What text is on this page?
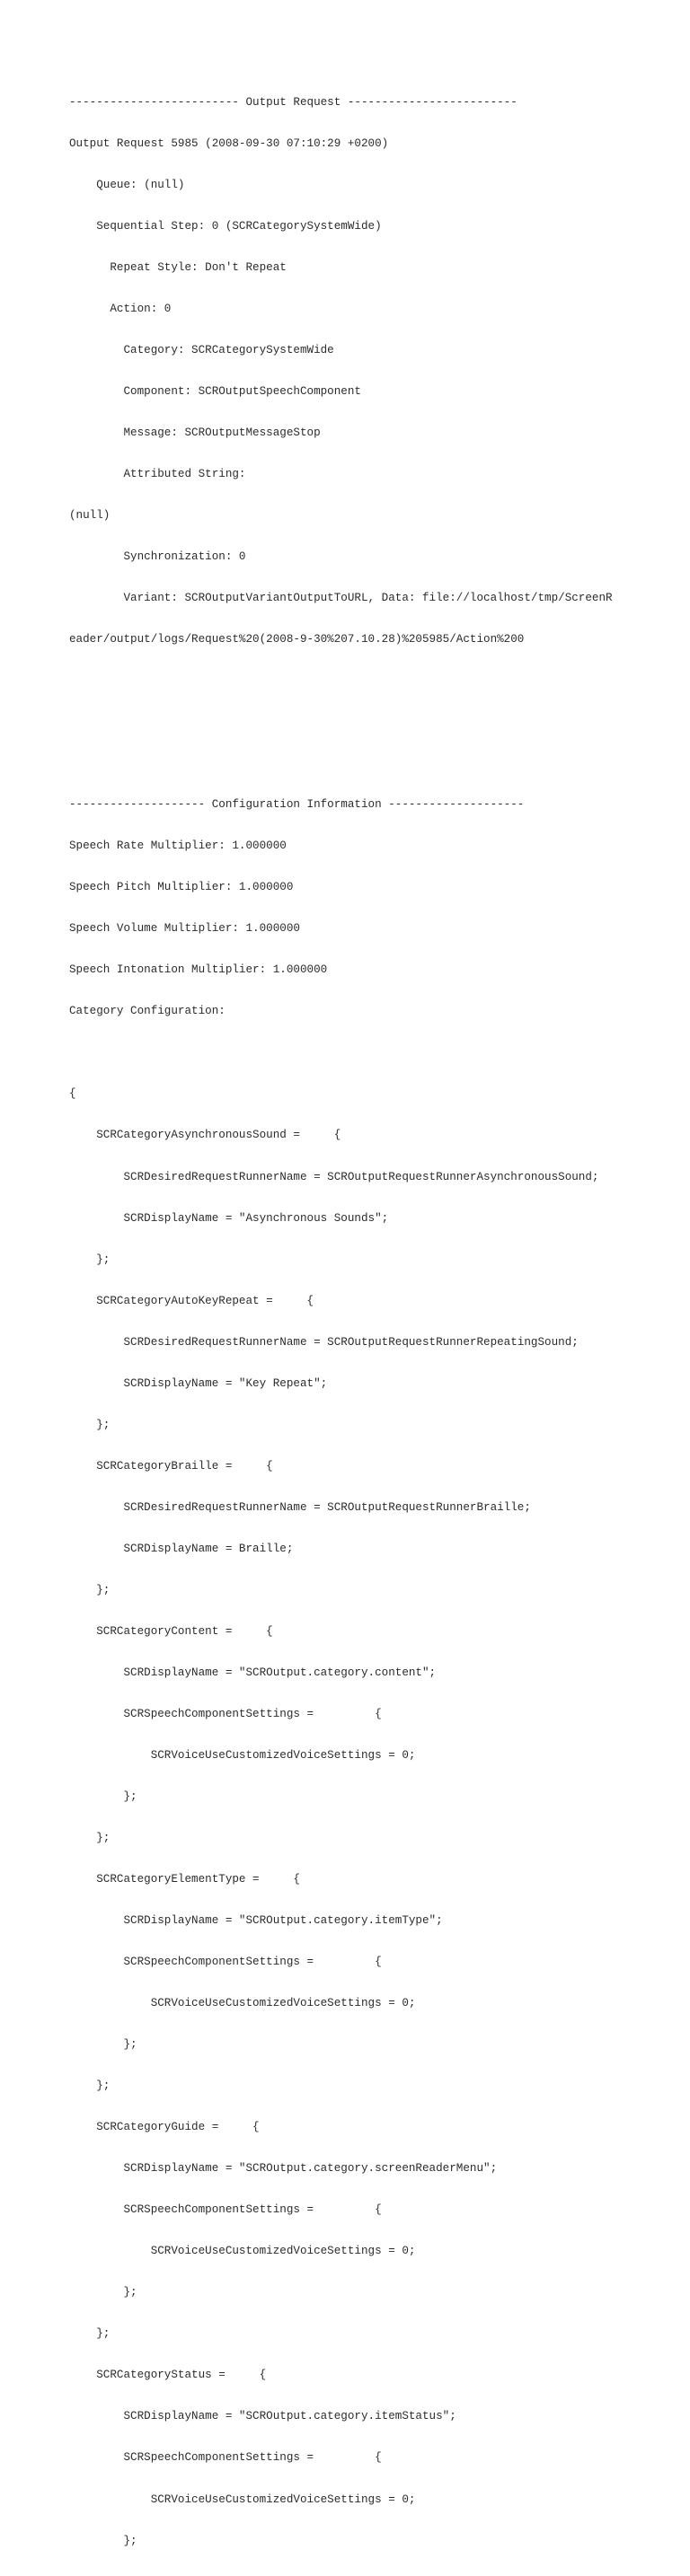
------------------------- Output Request -------------------------

Output Request 5985 (2008-09-30 07:10:29 +0200)

Queue: (null)

Sequential Step: 0 (SCRCategorySystemWide)

Repeat Style: Don't Repeat

Action: 0

Category: SCRCategorySystemWide

Component: SCROutputSpeechComponent

Message: SCROutputMessageStop

Attributed String:

(null)

Synchronization: 0

Variant: SCROutputVariantOutputToURL, Data: file://localhost/tmp/ScreenR

eader/output/logs/Request%20(2008-9-30%207.10.28)%205985/Action%200

-------------------- Configuration Information --------------------

Speech Rate Multiplier: 1.000000

Speech Pitch Multiplier: 1.000000

Speech Volume Multiplier: 1.000000

Speech Intonation Multiplier: 1.000000

Category Configuration:

{

SCRCategoryAsynchronousSound =     {

SCRDesiredRequestRunnerName = SCROutputRequestRunnerAsynchronousSound;

SCRDisplayName = "Asynchronous Sounds";

};

SCRCategoryAutoKeyRepeat =     {

SCRDesiredRequestRunnerName = SCROutputRequestRunnerRepeatingSound;

SCRDisplayName = "Key Repeat";

};

SCRCategoryBraille =     {

SCRDesiredRequestRunnerName = SCROutputRequestRunnerBraille;

SCRDisplayName = Braille;

};

SCRCategoryContent =     {

SCRDisplayName = "SCROutput.category.content";

SCRSpeechComponentSettings =         {

SCRVoiceUseCustomizedVoiceSettings = 0;

};

};

SCRCategoryElementType =     {

SCRDisplayName = "SCROutput.category.itemType";

SCRSpeechComponentSettings =         {

SCRVoiceUseCustomizedVoiceSettings = 0;

};

};

SCRCategoryGuide =     {

SCRDisplayName = "SCROutput.category.screenReaderMenu";

SCRSpeechComponentSettings =         {

SCRVoiceUseCustomizedVoiceSettings = 0;

};

};

SCRCategoryStatus =     {

SCRDisplayName = "SCROutput.category.itemStatus";

SCRSpeechComponentSettings =         {

SCRVoiceUseCustomizedVoiceSettings = 0;

};
